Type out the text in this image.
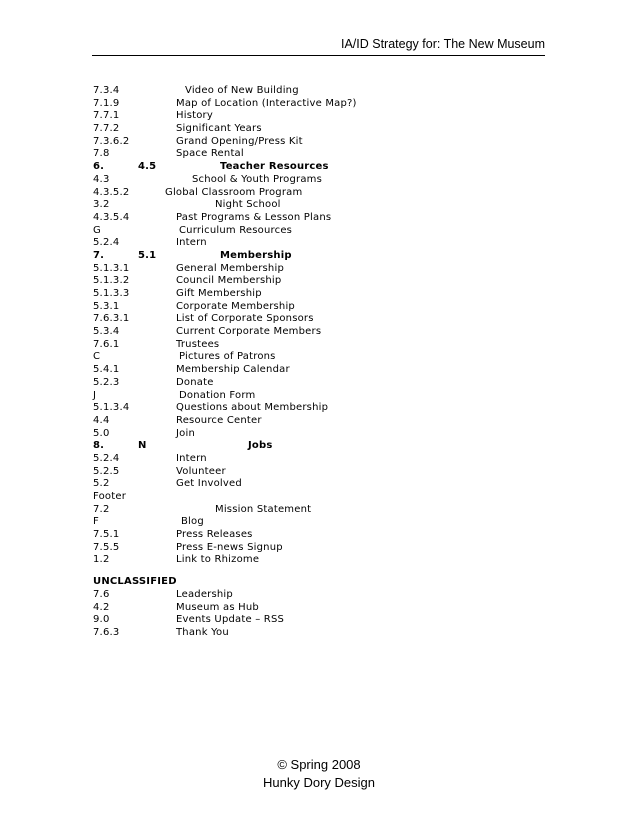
IA/ID Strategy for: The New Museum
7.3.4	Video of New Building
7.1.9	Map of Location (Interactive Map?)
7.7.1	History
7.7.2	Significant Years
7.3.6.2	Grand Opening/Press Kit
7.8	Space Rental
6.	4.5	Teacher Resources
4.3	School & Youth Programs
4.3.5.2	Global Classroom Program
3.2	Night School
4.3.5.4	Past Programs & Lesson Plans
G	Curriculum Resources
5.2.4	Intern
7.	5.1	Membership
5.1.3.1	General Membership
5.1.3.2	Council Membership
5.1.3.3	Gift Membership
5.3.1	Corporate Membership
7.6.3.1	List of Corporate Sponsors
5.3.4	Current Corporate Members
7.6.1	Trustees
C	Pictures of Patrons
5.4.1	Membership Calendar
5.2.3	Donate
J	Donation Form
5.1.3.4	Questions about Membership
4.4	Resource Center
5.0	Join
8.	N	Jobs
5.2.4	Intern
5.2.5	Volunteer
5.2	Get Involved
Footer
7.2	Mission Statement
F	Blog
7.5.1	Press Releases
7.5.5	Press E-news Signup
1.2	Link to Rhizome
UNCLASSIFIED
7.6	Leadership
4.2	Museum as Hub
9.0	Events Update – RSS
7.6.3	Thank You
© Spring 2008
Hunky Dory Design
